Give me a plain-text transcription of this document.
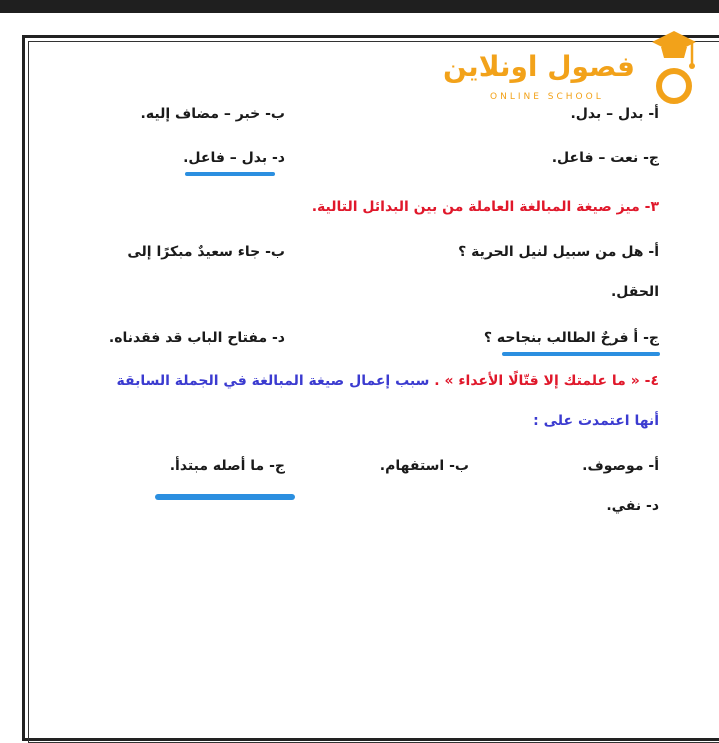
فصول اونلاين
ONLINE SCHOOL
أ- بدل – بدل.
ب- خبر – مضاف إليه.
ج- نعت – فاعل.
د- بدل – فاعل.
٣- ميز صيغة المبالغة العاملة من بين البدائل التالية.
أ- هل من سبيل لنيل الحرية ؟
ب- جاء سعيدٌ مبكرًا إلى
الحقل.
ج- أ فرحٌ الطالب بنجاحه ؟
د- مفتاح الباب قد فقدناه.
٤- « ما علمتك إلا قتّالًا الأعداء » . سبب إعمال صيغة المبالغة في الجملة السابقة
أنها اعتمدت على :
أ- موصوف.
ب- استفهام.
ج- ما أصله مبتدأ.
د- نفي.
